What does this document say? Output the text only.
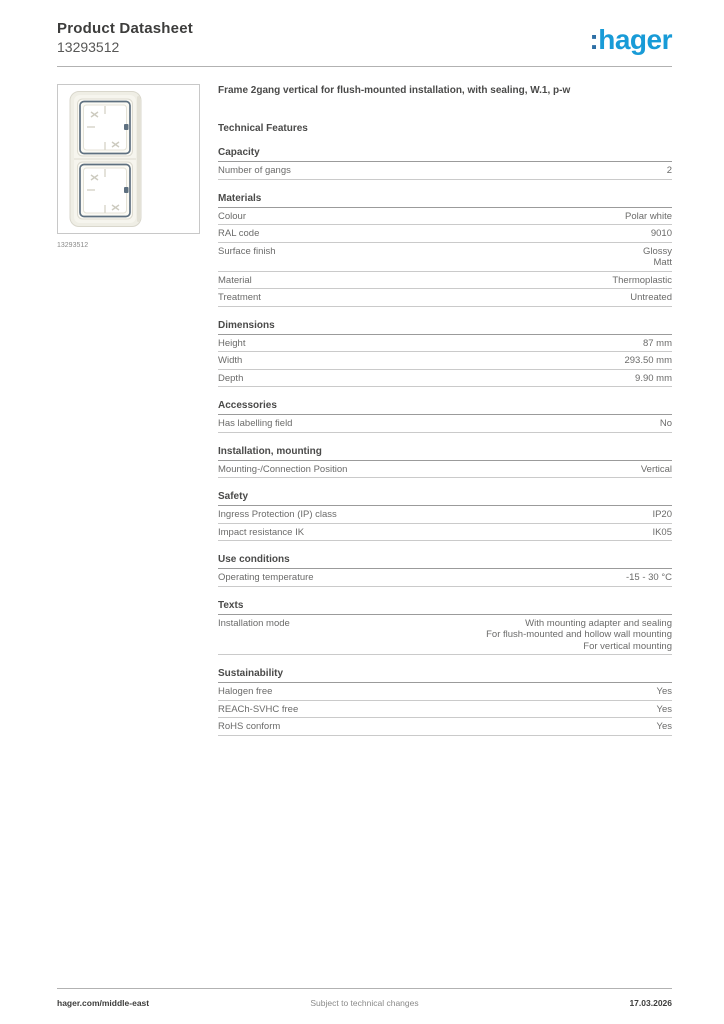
Product Datasheet
13293512	:hager
13293512
Frame 2gang vertical for flush-mounted installation, with sealing, W.1, p-w
Technical Features
Capacity
Number of gangs	2
Materials
Colour	Polar white
RAL code	9010
Surface finish	Glossy
Matt
Material	Thermoplastic
Treatment	Untreated
Dimensions
Height	87 mm
Width	293.50 mm
Depth	9.90 mm
Accessories
Has labelling field	No
Installation, mounting
Mounting-/Connection Position	Vertical
Safety
Ingress Protection (IP) class	IP20
Impact resistance IK	IK05
Use conditions
Operating temperature	-15 - 30 °C
Texts
Installation mode	With mounting adapter and sealing
For flush-mounted and hollow wall mounting
For vertical mounting
Sustainability
Halogen free	Yes
REACh-SVHC free	Yes
RoHS conform	Yes
hager.com/middle-east	Subject to technical changes	17.03.2026
